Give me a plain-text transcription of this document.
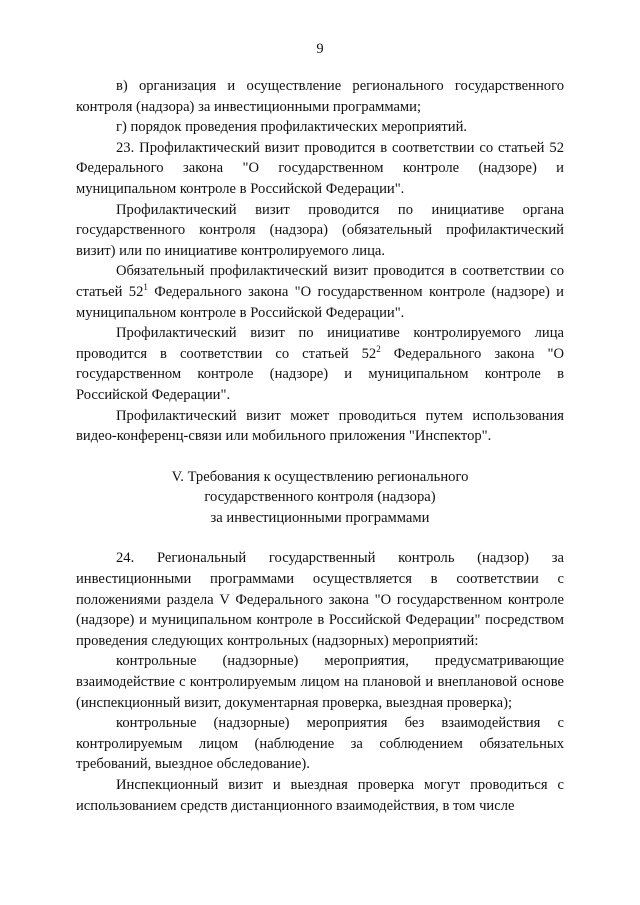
9

в) организация и осуществление регионального государственного контроля (надзора) за инвестиционными программами;

г) порядок проведения профилактических мероприятий.

23. Профилактический визит проводится в соответствии со статьей 52 Федерального закона "О государственном контроле (надзоре) и муниципальном контроле в Российской Федерации".

Профилактический визит проводится по инициативе органа государственного контроля (надзора) (обязательный профилактический визит) или по инициативе контролируемого лица.

Обязательный профилактический визит проводится в соответствии со статьей $52^1$ Федерального закона "О государственном контроле (надзоре) и муниципальном контроле в Российской Федерации".

Профилактический визит по инициативе контролируемого лица проводится в соответствии со статьей $52^2$ Федерального закона "О государственном контроле (надзоре) и муниципальном контроле в Российской Федерации".

Профилактический визит может проводиться путем использования видео-конференц-связи или мобильного приложения "Инспектор".

V. Требования к осуществлению регионального
государственного контроля (надзора)
за инвестиционными программами

24. Региональный государственный контроль (надзор) за инвестиционными программами осуществляется в соответствии с положениями раздела V Федерального закона "О государственном контроле (надзоре) и муниципальном контроле в Российской Федерации" посредством проведения следующих контрольных (надзорных) мероприятий:

контрольные (надзорные) мероприятия, предусматривающие взаимодействие с контролируемым лицом на плановой и внеплановой основе (инспекционный визит, документарная проверка, выездная проверка);

контрольные (надзорные) мероприятия без взаимодействия с контролируемым лицом (наблюдение за соблюдением обязательных требований, выездное обследование).

Инспекционный визит и выездная проверка могут проводиться с использованием средств дистанционного взаимодействия, в том числе
